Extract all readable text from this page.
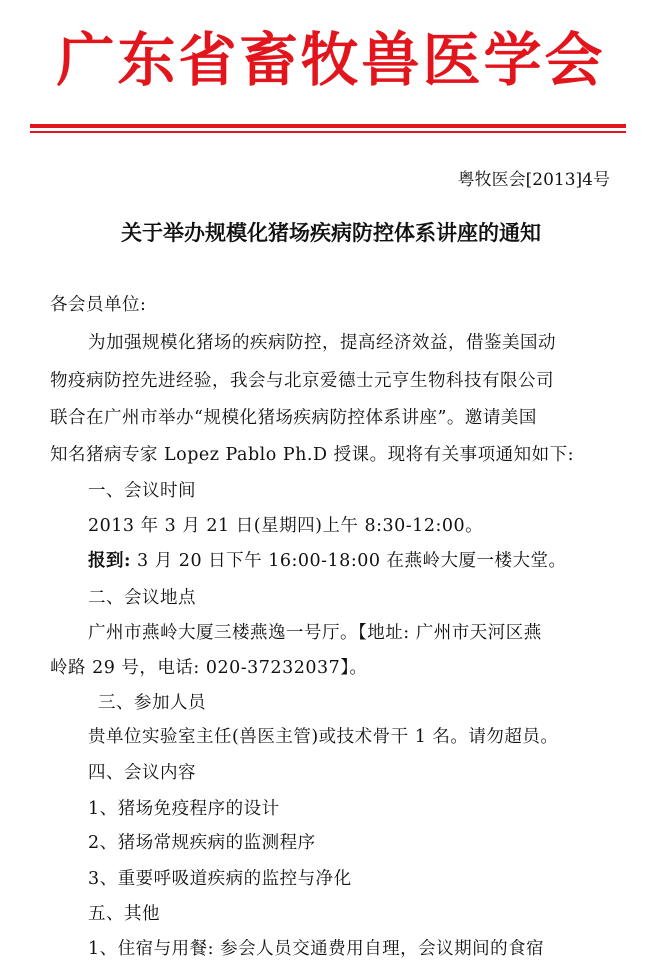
广东省畜牧兽医学会
粤牧医会[2013]4号
关于举办规模化猪场疾病防控体系讲座的通知
各会员单位:
为加强规模化猪场的疾病防控，提高经济效益，借鉴美国动
物疫病防控先进经验，我会与北京爱德士元亨生物科技有限公司
联合在广州市举办“规模化猪场疾病防控体系讲座”。邀请美国
知名猪病专家 Lopez Pablo Ph.D 授课。现将有关事项通知如下:
一、会议时间
2013 年 3 月 21 日(星期四)上午 8:30-12:00。
报到: 3 月 20 日下午 16:00-18:00 在燕岭大厦一楼大堂。
二、会议地点
广州市燕岭大厦三楼燕逸一号厅。【地址: 广州市天河区燕
岭路 29 号，电话: 020-37232037】。
三、参加人员
贵单位实验室主任(兽医主管)或技术骨干 1 名。请勿超员。
四、会议内容
1、猪场免疫程序的设计
2、猪场常规疾病的监测程序
3、重要呼吸道疾病的监控与净化
五、其他
1、住宿与用餐: 参会人员交通费用自理，会议期间的食宿
